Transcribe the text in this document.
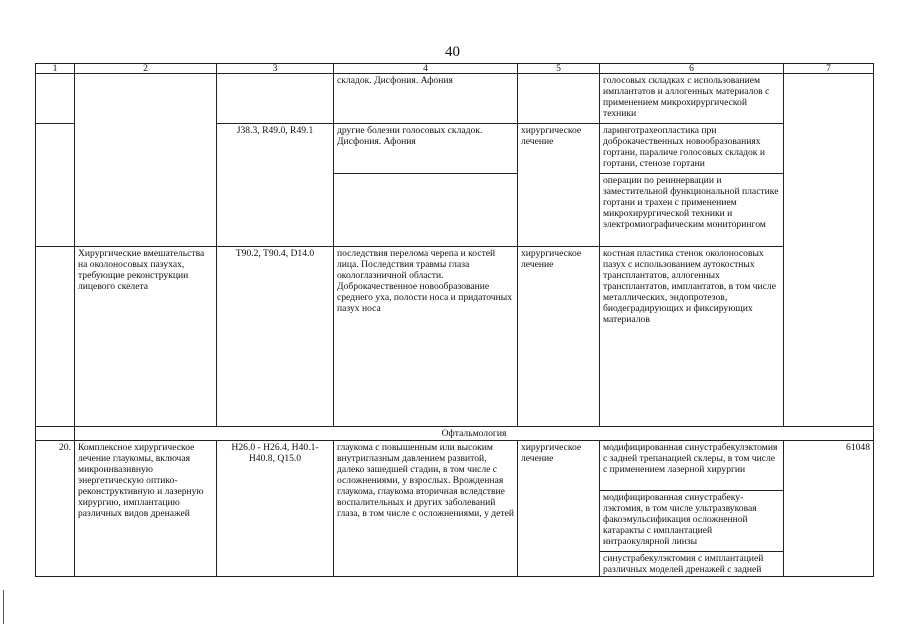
40
1	2	3	4	5	6	7
			складок. Дисфония. Афония		голосовых складках с использованием имплантатов и аллогенных материалов с применением микрохирургической техники	
		J38.3, R49.0, R49.1	другие болезни голосовых складок. Дисфония. Афония	хирургическое лечение	ларинготрахеопластика при доброкачественных новообразованиях гортани, параличе голосовых складок и гортани, стенозе гортани	
					операции по реиннервации и заместительной функциональной пластике гортани и трахеи с применением микрохирургической техники и электромиографическим мониторингом	
	Хирургические вмешательства на околоносовых пазухах, требующие реконструкции лицевого скелета	T90.2, T90.4, D14.0	последствия перелома черепа и костей лица. Последствия травмы глаза окологлазничной области. Доброкачественное новообразование среднего уха, полости носа и придаточных пазух носа	хирургическое лечение	костная пластика стенок околоносовых пазух с использованием аутокостных трансплантатов, аллогенных трансплантатов, имплантатов, в том числе металлических, эндопротезов, биодеградирующих и фиксирующих материалов	
	Офтальмология					
20.	Комплексное хирургическое лечение глаукомы, включая микроинвазивную энергетическую оптико-реконструктивную и лазерную хирургию, имплантацию различных видов дренажей	H26.0 - H26.4, H40.1- H40.8, Q15.0	глаукома с повышенным или высоким внутриглазным давлением развитой, далеко зашедшей стадии, в том числе с осложнениями, у взрослых. Врожденная глаукома, глаукома вторичная вследствие воспалительных и других заболеваний глаза, в том числе с осложнениями, у детей	хирургическое лечение	модифицированная синустрабекулэктомия с задней трепанацией склеры, в том числе с применением лазерной хирургии	61048
					модифицированная синустрабеку-лэктомия, в том числе ультразвуковая факоэмульсификация осложненной катаракты с имплантацией интраокулярной линзы	
					синустрабекулэктомия с имплантацией различных моделей дренажей с задней	
